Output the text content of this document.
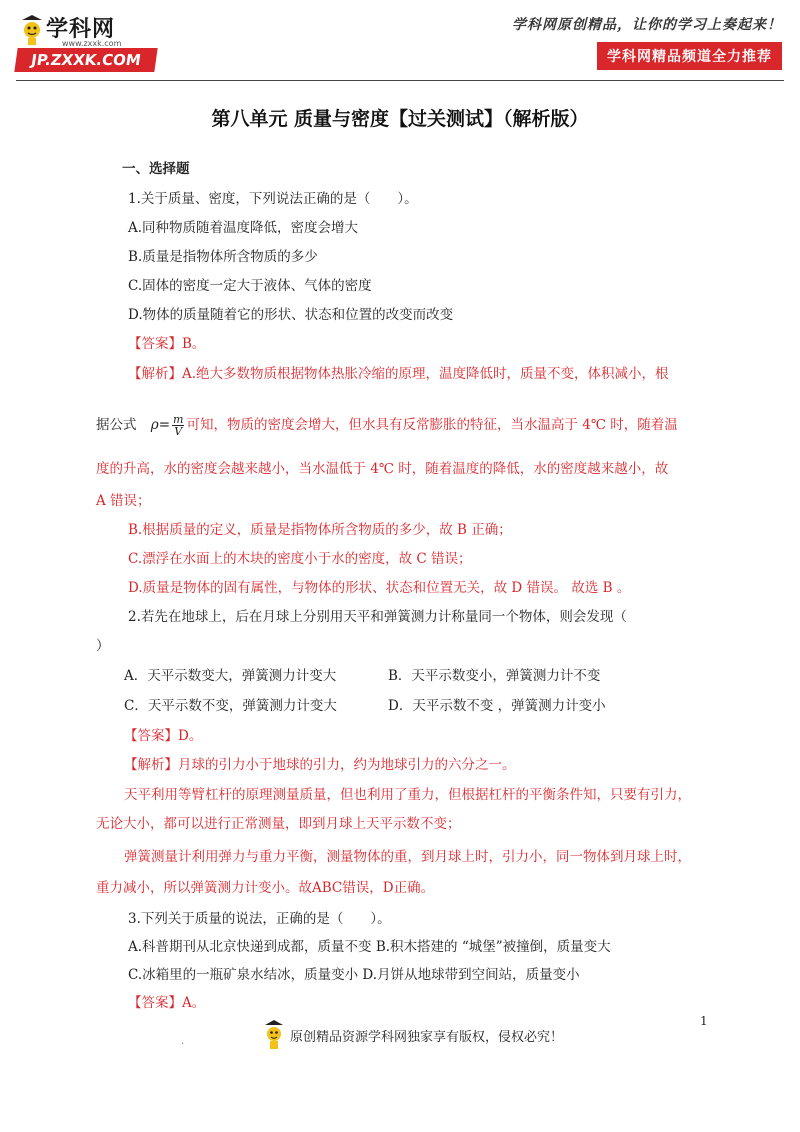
学科网
www.zxxk.com
JP.ZXXK.COM
学科网原创精品，让你的学习上奏起来！
学科网精品频道全力推荐
第八单元 质量与密度【过关测试】（解析版）
一、选择题
1.关于质量、密度，下列说法正确的是（　　）。
A.同种物质随着温度降低，密度会增大
B.质量是指物体所含物质的多少
C.固体的密度一定大于液体、气体的密度
D.物体的质量随着它的形状、状态和位置的改变而改变
【答案】B。
【解析】A.绝大多数物质根据物体热胀冷缩的原理，温度降低时，质量不变，体积减小，根
据公式 $\rho= \frac{m}{V}$ 可知，物质的密度会增大，但水具有反常膨胀的特征，当水温高于 4℃ 时，随着温
度的升高，水的密度会越来越小，当水温低于 4℃ 时，随着温度的降低，水的密度越来越小，故
A 错误；
B.根据质量的定义，质量是指物体所含物质的多少，故 B 正确；
C.漂浮在水面上的木块的密度小于水的密度，故 C 错误；
D.质量是物体的固有属性，与物体的形状、状态和位置无关，故 D 错误。 故选 B 。
2.若先在地球上，后在月球上分别用天平和弹簧测力计称量同一个物体，则会发现（
）
A．天平示数变大，弹簧测力计变大	B．天平示数变小，弹簧测力计不变
C．天平示数不变，弹簧测力计变大	D．天平示数不变 ，弹簧测力计变小
【答案】D。
【解析】月球的引力小于地球的引力，约为地球引力的六分之一。
天平利用等臂杠杆的原理测量质量，但也利用了重力，但根据杠杆的平衡条件知，只要有引力，
无论大小，都可以进行正常测量，即到月球上天平示数不变；
弹簧测量计利用弹力与重力平衡，测量物体的重，到月球上时，引力小，同一物体到月球上时，
重力减小，所以弹簧测力计变小。故ABC错误，D正确。
3.下列关于质量的说法，正确的是（　　）。
A.科普期刊从北京快递到成都，质量不变 B.积木搭建的 “城堡”被撞倒，质量变大
C.冰箱里的一瓶矿泉水结冰，质量变小 D.月饼从地球带到空间站，质量变小
【答案】A。
1
.	原创精品资源学科网独家享有版权，侵权必究！
